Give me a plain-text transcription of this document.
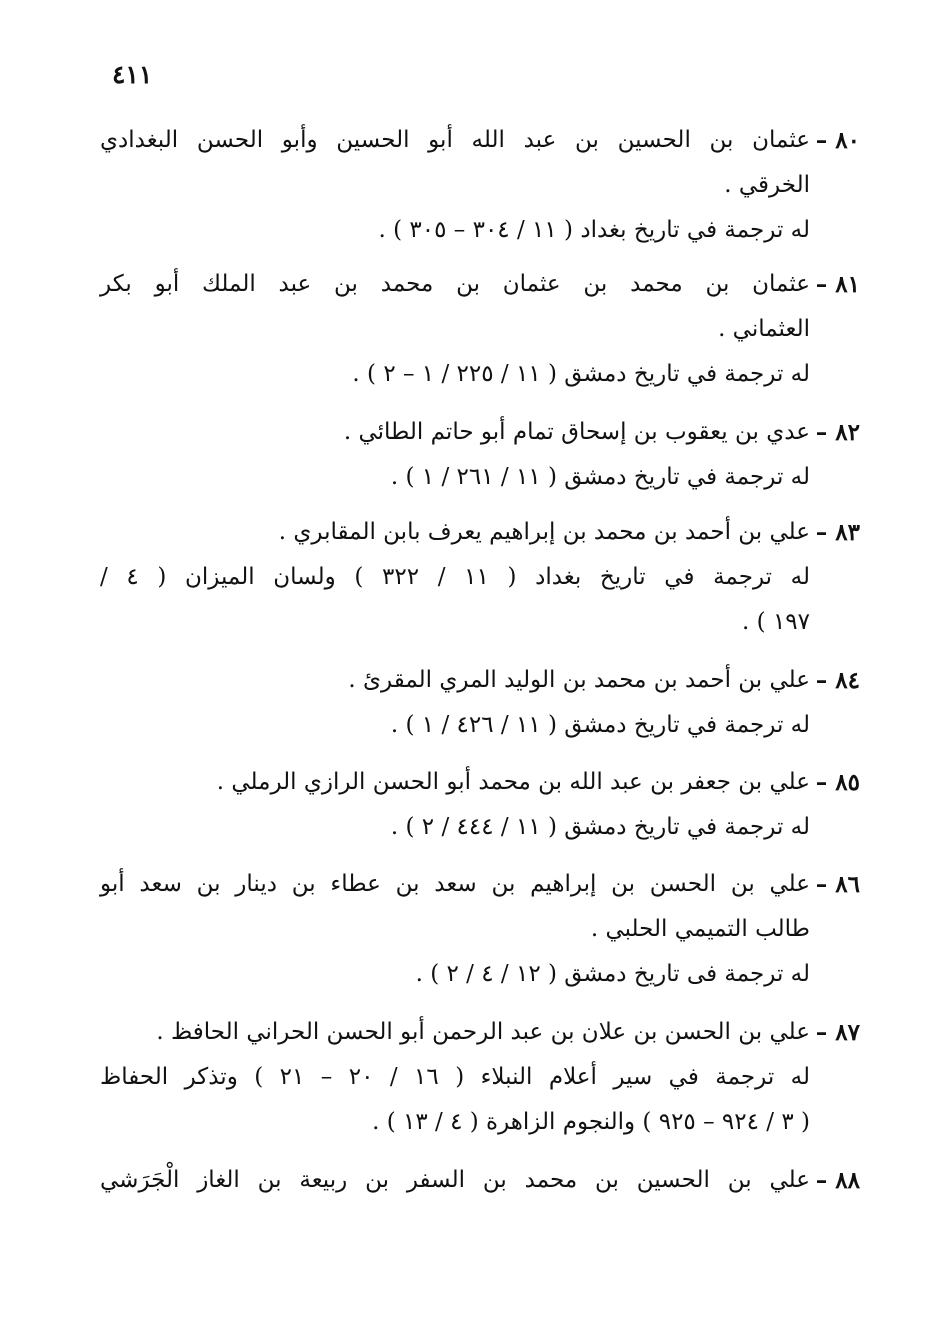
٤١١
٨٠ –
عثمان بن الحسين بن عبد الله أبو الحسين وأبو الحسن البغدادي
الخرقي .
له ترجمة في تاريخ بغداد ( ١١ / ٣٠٤ – ٣٠٥ ) .
٨١ –
عثمان بن محمد بن عثمان بن محمد بن عبد الملك أبو بكر
العثماني .
له ترجمة في تاريخ دمشق ( ١١ / ٢٢٥ / ١ – ٢ ) .
٨٢ –
عدي بن يعقوب بن إسحاق تمام أبو حاتم الطائي .
له ترجمة في تاريخ دمشق ( ١١ / ٢٦١ / ١ ) .
٨٣ –
علي بن أحمد بن محمد بن إبراهيم يعرف بابن المقابري .
له ترجمة في تاريخ بغداد ( ١١ / ٣٢٢ ) ولسان الميزان ( ٤ /
١٩٧ ) .
٨٤ –
علي بن أحمد بن محمد بن الوليد المري المقرئ .
له ترجمة في تاريخ دمشق ( ١١ / ٤٢٦ / ١ ) .
٨٥ –
علي بن جعفر بن عبد الله بن محمد أبو الحسن الرازي الرملي .
له ترجمة في تاريخ دمشق ( ١١ / ٤٤٤ / ٢ ) .
٨٦ –
علي بن الحسن بن إبراهيم بن سعد بن عطاء بن دينار بن سعد أبو
طالب التميمي الحلبي .
له ترجمة فى تاريخ دمشق ( ١٢ / ٤ / ٢ ) .
٨٧ –
علي بن الحسن بن علان بن عبد الرحمن أبو الحسن الحراني الحافظ .
له ترجمة في سير أعلام النبلاء ( ١٦ / ٢٠ – ٢١ ) وتذكر الحفاظ
( ٣ / ٩٢٤ – ٩٢٥ ) والنجوم الزاهرة ( ٤ / ١٣ ) .
٨٨ –
علي بن الحسين بن محمد بن السفر بن ربيعة بن الغاز الْجَرَشي
